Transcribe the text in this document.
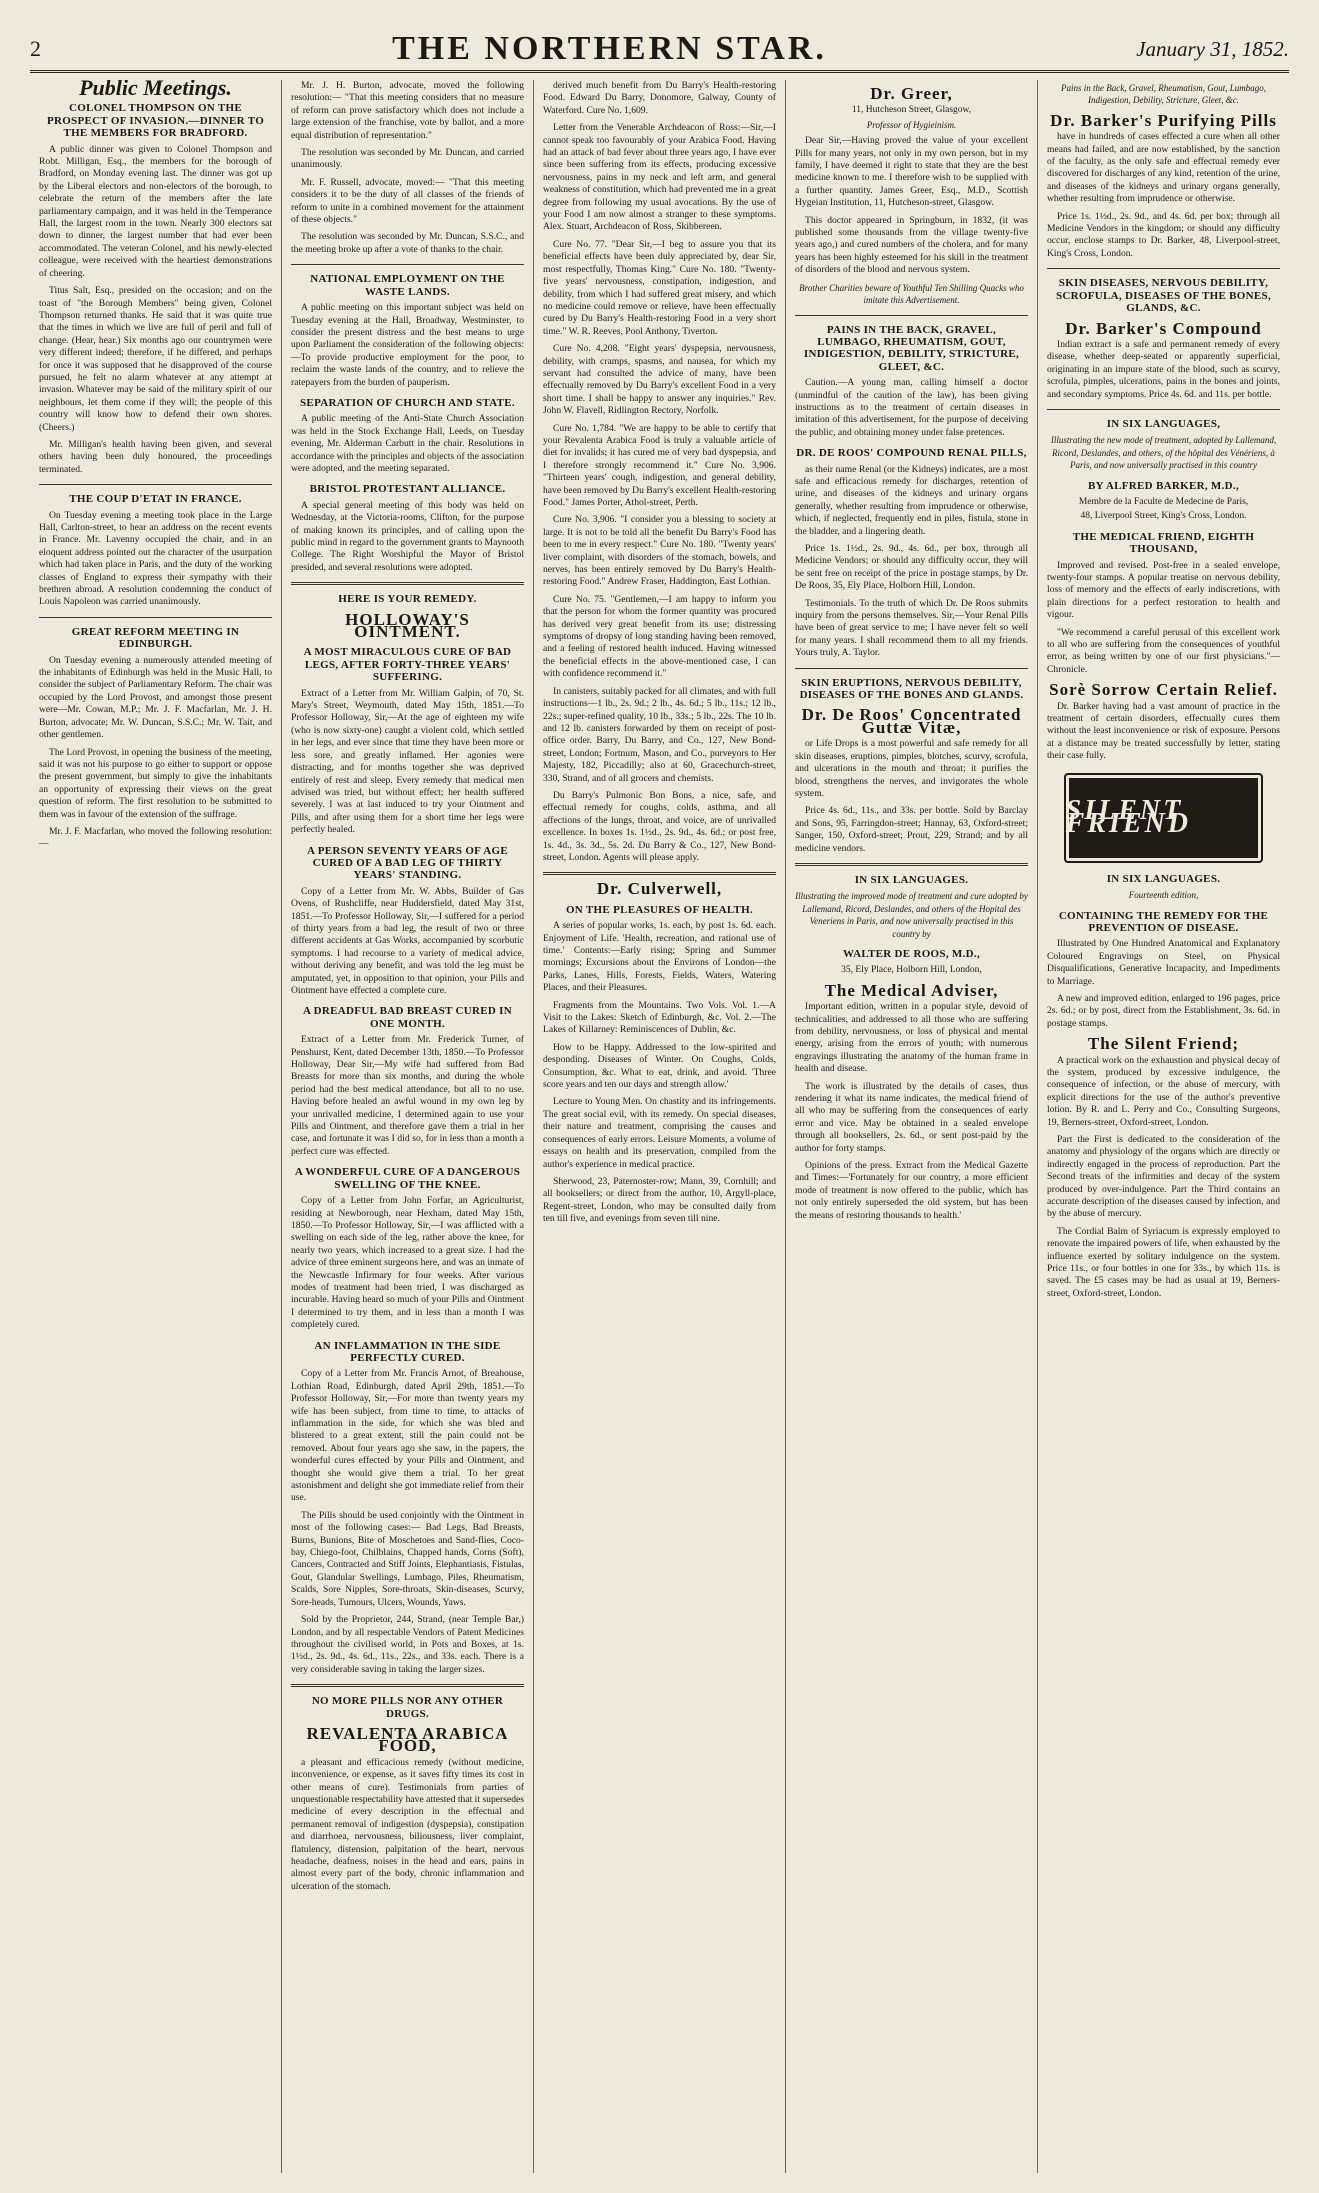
2	THE NORTHERN STAR.	January 31, 1852.
Public Meetings.
COLONEL THOMPSON ON THE PROSPECT OF INVASION.—DINNER TO THE MEMBERS FOR BRADFORD.

A public dinner was given to Colonel Thompson and Robt. Milligan, Esq., the members for the borough of Bradford, on Monday evening last. The dinner was got up by the Liberal electors and non-electors of the borough, to celebrate the return of the members after the late parliamentary campaign, and it was held in the Temperance Hall, the largest room in the town. Nearly 300 electors sat down to dinner, the largest number that had ever been accommodated. The veteran Colonel, and his newly-elected colleague, were received with the heartiest demonstrations of cheering.

Titus Salt, Esq., presided on the occasion; and on the toast of "the Borough Members" being given, Colonel Thompson returned thanks. He said that it was quite true that the times in which we live are full of peril and full of change. (Hear, hear.) Six months ago our countrymen were very different indeed; therefore, if he differed, and perhaps for once it was supposed that he disapproved of the course pursued, he felt no alarm whatever at any attempt at invasion. Whatever may be said of the military spirit of our neighbours, let them come if they will; the people of this country will know how to defend their own shores. (Cheers.)

Mr. Milligan's health having been given, and several others having been duly honoured, the proceedings terminated.

THE COUP D'ETAT IN FRANCE.

On Tuesday evening a meeting took place in the Large Hall, Carlton-street, to hear an address on the recent events in France. Mr. Lavenny occupied the chair, and in an eloquent address pointed out the character of the usurpation which had taken place in Paris, and the duty of the working classes of England to express their sympathy with their brethren abroad. A resolution condemning the conduct of Louis Napoleon was carried unanimously.

GREAT REFORM MEETING IN EDINBURGH.

On Tuesday evening a numerously attended meeting of the inhabitants of Edinburgh was held in the Music Hall, to consider the subject of Parliamentary Reform. The chair was occupied by the Lord Provost, and amongst those present were—Mr. Cowan, M.P.; Mr. J. F. Macfarlan, Mr. J. H. Burton, advocate; Mr. W. Duncan, S.S.C.; Mr. W. Tait, and other gentlemen.

The Lord Provost, in opening the business of the meeting, said it was not his purpose to go either to support or oppose the present government, but simply to give the inhabitants an opportunity of expressing their views on the great question of reform. The first resolution to be submitted to them was in favour of the extension of the suffrage.

Mr. J. F. Macfarlan, who moved the following resolution:—

Mr. J. H. Burton, advocate, moved the following resolution:— "That this meeting considers that no measure of reform can prove satisfactory which does not include a large extension of the franchise, vote by ballot, and a more equal distribution of representation."

The resolution was seconded by Mr. Duncan, and carried unanimously.

Mr. F. Russell, advocate, moved:— "That this meeting considers it to be the duty of all classes of the friends of reform to unite in a combined movement for the attainment of these objects."

The resolution was seconded by Mr. Duncan, S.S.C., and the meeting broke up after a vote of thanks to the chair.

NATIONAL EMPLOYMENT ON THE WASTE LANDS.

A public meeting on this important subject was held on Tuesday evening at the Hall, Broadway, Westminster, to consider the present distress and the best means to urge upon Parliament the consideration of the following objects:—To provide productive employment for the poor, to reclaim the waste lands of the country, and to relieve the ratepayers from the burden of pauperism.

SEPARATION OF CHURCH AND STATE.

A public meeting of the Anti-State Church Association was held in the Stock Exchange Hall, Leeds, on Tuesday evening, Mr. Alderman Carbutt in the chair. Resolutions in accordance with the principles and objects of the association were adopted, and the meeting separated.

BRISTOL PROTESTANT ALLIANCE.

A special general meeting of this body was held on Wednesday, at the Victoria-rooms, Clifton, for the purpose of making known its principles, and of calling upon the public mind in regard to the government grants to Maynooth College. The Right Worshipful the Mayor of Bristol presided, and several resolutions were adopted.

HERE IS YOUR REMEDY.
HOLLOWAY'S OINTMENT.
A MOST MIRACULOUS CURE OF BAD LEGS, AFTER FORTY-THREE YEARS' SUFFERING.

Extract of a Letter from Mr. William Galpin, of 70, St. Mary's Street, Weymouth, dated May 15th, 1851.—To Professor Holloway, Sir,—At the age of eighteen my wife (who is now sixty-one) caught a violent cold, which settled in her legs, and ever since that time they have been more or less sore, and greatly inflamed. Her agonies were distracting, and for months together she was deprived entirely of rest and sleep. Every remedy that medical men advised was tried, but without effect; her health suffered severely. I was at last induced to try your Ointment and Pills, and after using them for a short time her legs were perfectly healed.

A PERSON SEVENTY YEARS OF AGE CURED OF A BAD LEG OF THIRTY YEARS' STANDING.

Copy of a Letter from Mr. W. Abbs, Builder of Gas Ovens, of Rushcliffe, near Huddersfield, dated May 31st, 1851.—To Professor Holloway, Sir,—I suffered for a period of thirty years from a bad leg, the result of two or three different accidents at Gas Works, accompanied by scorbutic symptoms. I had recourse to a variety of medical advice, without deriving any benefit, and was told the leg must be amputated, yet, in opposition to that opinion, your Pills and Ointment have effected a complete cure.

A DREADFUL BAD BREAST CURED IN ONE MONTH.

Extract of a Letter from Mr. Frederick Turner, of Penshurst, Kent, dated December 13th, 1850.—To Professor Holloway, Dear Sir,—My wife had suffered from Bad Breasts for more than six months, and during the whole period had the best medical attendance, but all to no use. Having before healed an awful wound in my own leg by your unrivalled medicine, I determined again to use your Pills and Ointment, and therefore gave them a trial in her case, and fortunate it was I did so, for in less than a month a perfect cure was effected.

A WONDERFUL CURE OF A DANGEROUS SWELLING OF THE KNEE.

Copy of a Letter from John Forfar, an Agriculturist, residing at Newborough, near Hexham, dated May 15th, 1850.—To Professor Holloway, Sir,—I was afflicted with a swelling on each side of the leg, rather above the knee, for nearly two years, which increased to a great size. I had the advice of three eminent surgeons here, and was an inmate of the Newcastle Infirmary for four weeks. After various modes of treatment had been tried, I was discharged as incurable. Having heard so much of your Pills and Ointment I determined to try them, and in less than a month I was completely cured.

AN INFLAMMATION IN THE SIDE PERFECTLY CURED.

Copy of a Letter from Mr. Francis Arnot, of Breahouse, Lothian Road, Edinburgh, dated April 29th, 1851.—To Professor Holloway, Sir,—For more than twenty years my wife has been subject, from time to time, to attacks of inflammation in the side, for which she was bled and blistered to a great extent, still the pain could not be removed. About four years ago she saw, in the papers, the wonderful cures effected by your Pills and Ointment, and thought she would give them a trial. To her great astonishment and delight she got immediate relief from their use.

The Pills should be used conjointly with the Ointment in most of the following cases:— Bad Legs, Bad Breasts, Burns, Bunions, Bite of Moschetoes and Sand-flies, Coco-bay, Chiego-foot, Chilblains, Chapped hands, Corns (Soft), Cancers, Contracted and Stiff Joints, Elephantiasis, Fistulas, Gout, Glandular Swellings, Lumbago, Piles, Rheumatism, Scalds, Sore Nipples, Sore-throats, Skin-diseases, Scurvy, Sore-heads, Tumours, Ulcers, Wounds, Yaws.

Sold by the Proprietor, 244, Strand, (near Temple Bar,) London, and by all respectable Vendors of Patent Medicines throughout the civilised world, in Pots and Boxes, at 1s. 1½d., 2s. 9d., 4s. 6d., 11s., 22s., and 33s. each. There is a very considerable saving in taking the larger sizes.

NO MORE PILLS NOR ANY OTHER DRUGS.
REVALENTA ARABICA FOOD,

a pleasant and efficacious remedy (without medicine, inconvenience, or expense, as it saves fifty times its cost in other means of cure). Testimonials from parties of unquestionable respectability have attested that it supersedes medicine of every description in the effectual and permanent removal of indigestion (dyspepsia), constipation and diarrhoea, nervousness, biliousness, liver complaint, flatulency, distension, palpitation of the heart, nervous headache, deafness, noises in the head and ears, pains in almost every part of the body, chronic inflammation and ulceration of the stomach.

derived much benefit from Du Barry's Health-restoring Food. Edward Du Barry, Donomore, Galway, County of Waterford. Cure No. 1,609.

Letter from the Venerable Archdeacon of Ross:—Sir,—I cannot speak too favourably of your Arabica Food. Having had an attack of bad fever about three years ago, I have ever since been suffering from its effects, producing excessive nervousness, pains in my neck and left arm, and general weakness of constitution, which had prevented me in a great degree from following my usual avocations. By the use of your Food I am now almost a stranger to these symptoms. Alex. Stuart, Archdeacon of Ross, Skibbereen.

Cure No. 77. "Dear Sir,—I beg to assure you that its beneficial effects have been duly appreciated by, dear Sir, most respectfully, Thomas King." Cure No. 180. "Twenty-five years' nervousness, constipation, indigestion, and debility, from which I had suffered great misery, and which no medicine could remove or relieve, have been effectually cured by Du Barry's Health-restoring Food in a very short time." W. R. Reeves, Pool Anthony, Tiverton.

Cure No. 4,208. "Eight years' dyspepsia, nervousness, debility, with cramps, spasms, and nausea, for which my servant had consulted the advice of many, have been effectually removed by Du Barry's excellent Food in a very short time. I shall be happy to answer any inquiries." Rev. John W. Flavell, Ridlington Rectory, Norfolk.

Cure No. 1,784. "We are happy to be able to certify that your Revalenta Arabica Food is truly a valuable article of diet for invalids; it has cured me of very bad dyspepsia, and I therefore strongly recommend it." Cure No. 3,906. "Thirteen years' cough, indigestion, and general debility, have been removed by Du Barry's excellent Health-restoring Food." James Porter, Athol-street, Perth.

Cure No. 3,906. "I consider you a blessing to society at large. It is not to be told all the benefit Du Barry's Food has been to me in every respect." Cure No. 180. "Twenty years' liver complaint, with disorders of the stomach, bowels, and nerves, has been entirely removed by Du Barry's Health-restoring Food." Andrew Fraser, Haddington, East Lothian.

Cure No. 75. "Gentlemen,—I am happy to inform you that the person for whom the former quantity was procured has derived very great benefit from its use; distressing symptoms of dropsy of long standing having been removed, and a feeling of restored health induced. Having witnessed the beneficial effects in the above-mentioned case, I can with confidence recommend it."

In canisters, suitably packed for all climates, and with full instructions—1 lb., 2s. 9d.; 2 lb., 4s. 6d.; 5 lb., 11s.; 12 lb., 22s.; super-refined quality, 10 lb., 33s.; 5 lb., 22s. The 10 lb. and 12 lb. canisters forwarded by them on receipt of post-office order. Barry, Du Barry, and Co., 127, New Bond-street, London; Fortnum, Mason, and Co., purveyors to Her Majesty, 182, Piccadilly; also at 60, Gracechurch-street, 330, Strand, and of all grocers and chemists.

Du Barry's Pulmonic Bon Bons, a nice, safe, and effectual remedy for coughs, colds, asthma, and all affections of the lungs, throat, and voice, are of unrivalled excellence. In boxes 1s. 1½d., 2s. 9d., 4s. 6d.; or post free, 1s. 4d., 3s. 3d., 5s. 2d. Du Barry & Co., 127, New Bond-street, London. Agents will please apply.

Dr. Culverwell,
ON THE PLEASURES OF HEALTH.

A series of popular works, 1s. each, by post 1s. 6d. each. Enjoyment of Life. 'Health, recreation, and rational use of time.' Contents:—Early rising; Spring and Summer mornings; Excursions about the Environs of London—the Parks, Lanes, Hills, Forests, Fields, Waters, Watering Places, and their Pleasures.

Fragments from the Mountains. Two Vols. Vol. 1.—A Visit to the Lakes: Sketch of Edinburgh, &c. Vol. 2.—The Lakes of Killarney: Reminiscences of Dublin, &c.

How to be Happy. Addressed to the low-spirited and desponding. Diseases of Winter. On Coughs, Colds, Consumption, &c. What to eat, drink, and avoid. 'Three score years and ten our days and strength allow.'

Lecture to Young Men. On chastity and its infringements. The great social evil, with its remedy. On special diseases, their nature and treatment, comprising the causes and consequences of early errors. Leisure Moments, a volume of essays on health and its preservation, compiled from the author's experience in medical practice.

Sherwood, 23, Paternoster-row; Mann, 39, Cornhill; and all booksellers; or direct from the author, 10, Argyll-place, Regent-street, London, who may be consulted daily from ten till five, and evenings from seven till nine.

Dr. Greer,
11, Hutcheson Street, Glasgow,
Professor of Hygieinism.

Dear Sir,—Having proved the value of your excellent Pills for many years, not only in my own person, but in my family, I have deemed it right to state that they are the best medicine known to me. I therefore wish to be supplied with a further quantity. James Greer, Esq., M.D., Scottish Hygeian Institution, 11, Hutcheson-street, Glasgow.

This doctor appeared in Springburn, in 1832, (it was published some thousands from the village twenty-five years ago,) and cured numbers of the cholera, and for many years has been highly esteemed for his skill in the treatment of disorders of the blood and nervous system.

Brother Charities beware of Youthful Ten Shilling Quacks who imitate this Advertisement.
PAINS IN THE BACK, GRAVEL, LUMBAGO, RHEUMATISM, GOUT, INDIGESTION, DEBILITY, STRICTURE, GLEET, &C.

Caution.—A young man, calling himself a doctor (unmindful of the caution of the law), has been giving instructions as to the treatment of certain diseases in imitation of this advertisement, for the purpose of deceiving the public, and obtaining money under false pretences.

DR. DE ROOS' COMPOUND RENAL PILLS,

as their name Renal (or the Kidneys) indicates, are a most safe and efficacious remedy for discharges, retention of urine, and diseases of the kidneys and urinary organs generally, whether resulting from imprudence or otherwise, which, if neglected, frequently end in piles, fistula, stone in the bladder, and a lingering death.

Price 1s. 1½d., 2s. 9d., 4s. 6d., per box, through all Medicine Vendors; or should any difficulty occur, they will be sent free on receipt of the price in postage stamps, by Dr. De Roos, 35, Ely Place, Holborn Hill, London.

Testimonials. To the truth of which Dr. De Roos submits inquiry from the persons themselves. Sir,—Your Renal Pills have been of great service to me; I have never felt so well for many years. I shall recommend them to all my friends. Yours truly, A. Taylor.

SKIN ERUPTIONS, NERVOUS DEBILITY, DISEASES OF THE BONES AND GLANDS.
Dr. De Roos' Concentrated Guttæ Vitæ,

or Life Drops is a most powerful and safe remedy for all skin diseases, eruptions, pimples, blotches, scurvy, scrofula, and ulcerations in the mouth and throat; it purifies the blood, strengthens the nerves, and invigorates the whole system.

Price 4s. 6d., 11s., and 33s. per bottle. Sold by Barclay and Sons, 95, Farringdon-street; Hannay, 63, Oxford-street; Sanger, 150, Oxford-street; Prout, 229, Strand; and by all medicine vendors.

IN SIX LANGUAGES.
Illustrating the improved mode of treatment and cure adopted by Lallemand, Ricord, Deslandes, and others of the Hopital des Veneriens in Paris, and now universally practised in this country by
WALTER DE ROOS, M.D.,
35, Ely Place, Holborn Hill, London,
The Medical Adviser,

Important edition, written in a popular style, devoid of technicalities, and addressed to all those who are suffering from debility, nervousness, or loss of physical and mental energy, arising from the errors of youth; with numerous engravings illustrating the anatomy of the human frame in health and disease.

The work is illustrated by the details of cases, thus rendering it what its name indicates, the medical friend of all who may be suffering from the consequences of early error and vice. May be obtained in a sealed envelope through all booksellers, 2s. 6d., or sent post-paid by the author for forty stamps.

Opinions of the press. Extract from the Medical Gazette and Times:—'Fortunately for our country, a more efficient mode of treatment is now offered to the public, which has not only entirely superseded the old system, but has been the means of restoring thousands to health.'

Pains in the Back, Gravel, Rheumatism, Gout, Lumbago, Indigestion, Debility, Stricture, Gleet, &c.
Dr. Barker's Purifying Pills

have in hundreds of cases effected a cure when all other means had failed, and are now established, by the sanction of the faculty, as the only safe and effectual remedy ever discovered for discharges of any kind, retention of the urine, and diseases of the kidneys and urinary organs generally, whether resulting from imprudence or otherwise.

Price 1s. 1½d., 2s. 9d., and 4s. 6d. per box; through all Medicine Vendors in the kingdom; or should any difficulty occur, enclose stamps to Dr. Barker, 48, Liverpool-street, King's Cross, London.

SKIN DISEASES, NERVOUS DEBILITY, SCROFULA, DISEASES OF THE BONES, GLANDS, &C.
Dr. Barker's Compound

Indian extract is a safe and permanent remedy of every disease, whether deep-seated or apparently superficial, originating in an impure state of the blood, such as scurvy, scrofula, pimples, ulcerations, pains in the bones and joints, and secondary symptoms. Price 4s. 6d. and 11s. per bottle.

IN SIX LANGUAGES,
Illustrating the new mode of treatment, adopted by Lallemand, Ricord, Deslandes, and others, of the hôpital des Vénériens, à Paris, and now universally practised in this country
BY ALFRED BARKER, M.D.,
Membre de la Faculte de Medecine de Paris,
48, Liverpool Street, King's Cross, London.
THE MEDICAL FRIEND, EIGHTH THOUSAND,

Improved and revised. Post-free in a sealed envelope, twenty-four stamps. A popular treatise on nervous debility, loss of memory and the effects of early indiscretions, with plain directions for a perfect restoration to health and vigour.

"We recommend a careful perusal of this excellent work to all who are suffering from the consequences of youthful error, as being written by one of our first physicians."—Chronicle.

Sorè Sorrow Certain Relief.

Dr. Barker having had a vast amount of practice in the treatment of certain disorders, effectually cures them without the least inconvenience or risk of exposure. Persons at a distance may be treated successfully by letter, stating their case fully.

SILENT FRIEND
IN SIX LANGUAGES.
Fourteenth edition,
CONTAINING THE REMEDY FOR THE PREVENTION OF DISEASE.

Illustrated by One Hundred Anatomical and Explanatory Coloured Engravings on Steel, on Physical Disqualifications, Generative Incapacity, and Impediments to Marriage.

A new and improved edition, enlarged to 196 pages, price 2s. 6d.; or by post, direct from the Establishment, 3s. 6d. in postage stamps.

The Silent Friend;

A practical work on the exhaustion and physical decay of the system, produced by excessive indulgence, the consequence of infection, or the abuse of mercury, with explicit directions for the use of the author's preventive lotion. By R. and L. Perry and Co., Consulting Surgeons, 19, Berners-street, Oxford-street, London.

Part the First is dedicated to the consideration of the anatomy and physiology of the organs which are directly or indirectly engaged in the process of reproduction. Part the Second treats of the infirmities and decay of the system produced by over-indulgence. Part the Third contains an accurate description of the diseases caused by infection, and by the abuse of mercury.

The Cordial Balm of Syriacum is expressly employed to renovate the impaired powers of life, when exhausted by the influence exerted by solitary indulgence on the system. Price 11s., or four bottles in one for 33s., by which 11s. is saved. The £5 cases may be had as usual at 19, Berners-street, Oxford-street, London.
